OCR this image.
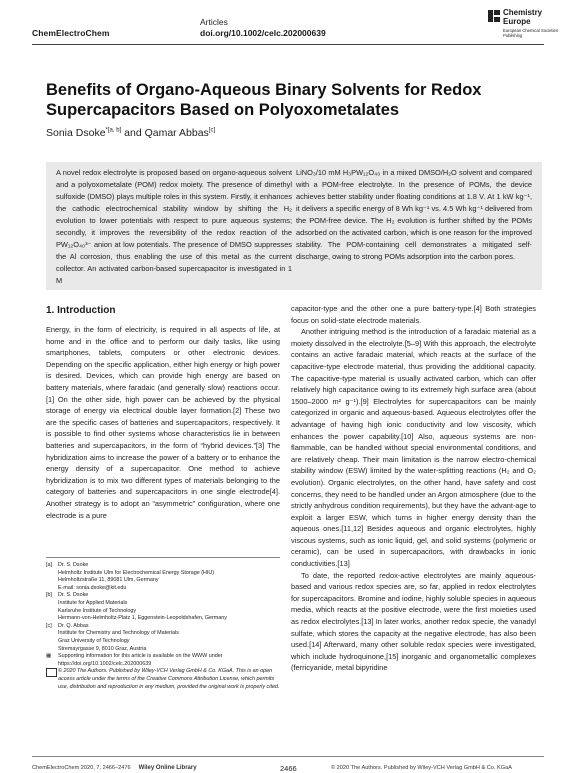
ChemElectroChem
Articles
doi.org/10.1002/celc.202000639
Chemistry
Europe
European Chemical Societies Publishing
Benefits of Organo-Aqueous Binary Solvents for Redox Supercapacitors Based on Polyoxometalates
Sonia Dsoke$^{*[a, b]}$ and Qamar Abbas[c]
A novel redox electrolyte is proposed based on organo-aqueous solvent and a polyoxometalate (POM) redox moiety. The presence of dimethyl sulfoxide (DMSO) plays multiple roles in this system. Firstly, it enhances the cathodic electrochemical stability window by shifting the H₂ evolution to lower potentials with respect to pure aqueous systems; secondly, it improves the reversibility of the redox reaction of the PW₁₂O₄₀³⁻ anion at low potentials. The presence of DMSO suppresses the Al corrosion, thus enabling the use of this metal as the current collector. An activated carbon-based supercapacitor is investigated in 1 M
LiNO₃/10 mM H₃PW₁₂O₄₀ in a mixed DMSO/H₂O solvent and compared with a POM-free electrolyte. In the presence of POMs, the device achieves better stability under floating conditions at 1.8 V. At 1 kW kg⁻¹, it delivers a specific energy of 8 Wh kg⁻¹ vs. 4.5 Wh kg⁻¹ delivered from the POM-free device. The H₂ evolution is further shifted by the POMs adsorbed on the activated carbon, which is one reason for the improved stability. The POM-containing cell demonstrates a mitigated self-discharge, owing to strong POMs adsorption into the carbon pores.
1. Introduction

Energy, in the form of electricity, is required in all aspects of life, at home and in the office and to perform our daily tasks, like using smartphones, tablets, computers or other electronic devices. Depending on the specific application, either high energy or high power is desired. Devices, which can provide high energy are based on battery materials, where faradaic (and generally slow) reactions occur.[1] On the other side, high power can be achieved by the physical storage of energy via electrical double layer formation.[2] These two are the specific cases of batteries and supercapacitors, respectively. It is possible to find other systems whose characteristics lie in between batteries and supercapacitors, in the form of “hybrid devices.”[3] The hybridization aims to increase the power of a battery or to enhance the energy density of a supercapacitor. One method to achieve hybridization is to mix two different types of materials belonging to the category of batteries and supercapacitors in one single electrode[4]. Another strategy is to adopt an “asymmetric” configuration, where one electrode is a pure

capacitor-type and the other one a pure battery-type.[4] Both strategies focus on solid-state electrode materials.

Another intriguing method is the introduction of a faradaic material as a moiety dissolved in the electrolyte.[5–9] With this approach, the electrolyte contains an active faradaic material, which reacts at the surface of the capacitive-type electrode material, thus providing the additional capacity. The capacitive-type material is usually activated carbon, which can offer relatively high capacitance owing to its extremely high surface area (about 1500–2000 m² g⁻¹).[9] Electrolytes for supercapacitors can be mainly categorized in organic and aqueous-based. Aqueous electrolytes offer the advantage of having high ionic conductivity and low viscosity, which enhances the power capability.[10] Also, aqueous systems are non-flammable, can be handled without special environmental conditions, and are relatively cheap. Their main limitation is the narrow electro-chemical stability window (ESW) limited by the water-splitting reactions (H₂ and O₂ evolution). Organic electrolytes, on the other hand, have safety and cost concerns, they need to be handled under an Argon atmosphere (due to the strictly anhydrous condition requirements), but they have the advant-age to exploit a larger ESW, which turns in higher energy density than the aqueous ones.[11,12] Besides aqueous and organic electrolytes, highly viscous systems, such as ionic liquid, gel, and solid systems (polymeric or ceramic), can be used in supercapacitors, with drawbacks in ionic conductivities.[13]

To date, the reported redox-active electrolytes are mainly aqueous-based and various redox species are, so far, applied in redox electrolytes for supercapacitors. Bromine and iodine, highly soluble species in aqueous media, which reacts at the positive electrode, were the first moieties used as redox electrolytes.[13] In later works, another redox specie, the vanadyl sulfate, which stores the capacity at the negative electrode, has also been used.[14] Afterward, many other soluble redox species were investigated, which include hydroquinone,[15] inorganic and organometallic complexes (ferricyanide, metal bipyridine

[a]	Dr. S. Dsoke
Helmholtz Institute Ulm for Electrochemical Energy Storage (HIU)
Helmholtzstraße 11, 89081 Ulm, Germany
E-mail: sonia.dsoke@kit.edu
[b]	Dr. S. Dsoke
Institute for Applied Materials
Karlsruhe Institute of Technology
Hermann-von-Helmholtz-Platz 1, Eggenstein-Leopoldshafen, Germany
[c]	Dr. Q. Abbas
Institute for Chemistry and Technology of Materials
Graz University of Technology
Stremayrgasse 9, 8010 Graz, Austria
▦	Supporting information for this article is available on the WWW under https://doi.org/10.1002/celc.202000639
© 2020 The Authors. Published by Wiley-VCH Verlag GmbH & Co. KGaA. This is an open access article under the terms of the Creative Commons Attribution License, which permits use, distribution and reproduction in any medium, provided the original work is properly cited.
ChemElectroChem 2020, 7, 2466–2476 Wiley Online Library	2466	© 2020 The Authors. Published by Wiley-VCH Verlag GmbH & Co. KGaA
